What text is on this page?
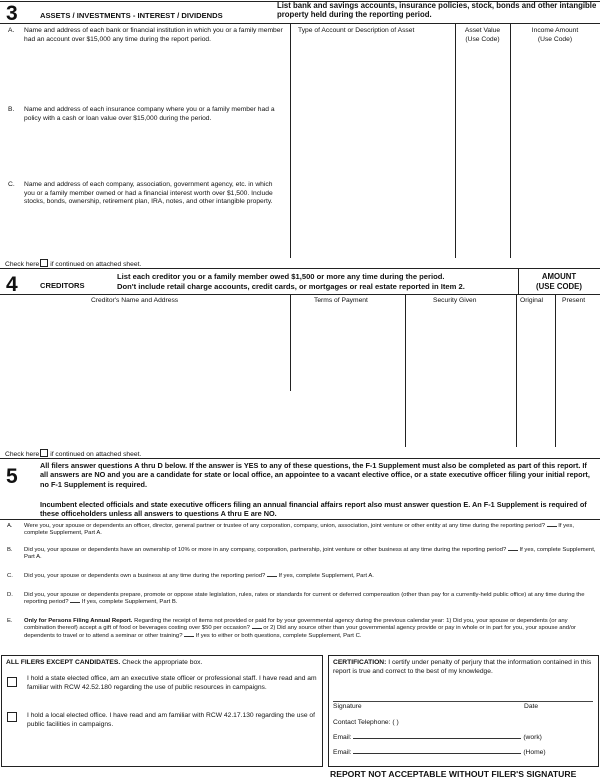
3	ASSETS / INVESTMENTS - INTEREST / DIVIDENDS
List bank and savings accounts, insurance policies, stock, bonds and other intangible property held during the reporting period.
Type of Account or Description of Asset	Asset Value
(Use Code)
Income Amount
(Use Code)
A. Name and address of each bank or financial institution in which you or a family member had an account over $15,000 any time during the report period.
B. Name and address of each insurance company where you or a family member had a policy with a cash or loan value over $15,000 during the period.
C. Name and address of each company, association, government agency, etc. in which you or a family member owned or had a financial interest worth over $1,500. Include stocks, bonds, ownership, retirement plan, IRA, notes, and other intangible property.
Check here if continued on attached sheet.
4	CREDITORS
List each creditor you or a family member owed $1,500 or more any time during the period.
Don't include retail charge accounts, credit cards, or mortgages or real estate reported in Item 2.
AMOUNT
(USE CODE)
Creditor's Name and Address	Terms of Payment	Security Given	Original	Present
Check here if continued on attached sheet.
5	All filers answer questions A thru D below. If the answer is YES to any of these questions, the F-1 Supplement must also be completed as part of this report. If all answers are NO and you are a candidate for state or local office, an appointee to a vacant elective office, or a state executive officer filing your initial report, no F-1 Supplement is required.
Incumbent elected officials and state executive officers filing an annual financial affairs report also must answer question E. An F-1 Supplement is required of these officeholders unless all answers to questions A thru E are NO.
A. Were you, your spouse or dependents an officer, director, general partner or trustee of any corporation, company, union, association, joint venture or other entity at any time during the reporting period? If yes, complete Supplement, Part A.
B. Did you, your spouse or dependents have an ownership of 10% or more in any company, corporation, partnership, joint venture or other business at any time during the reporting period? If yes, complete Supplement, Part A.
C. Did you, your spouse or dependents own a business at any time during the reporting period? If yes, complete Supplement, Part A.
D. Did you, your spouse or dependents prepare, promote or oppose state legislation, rules, rates or standards for current or deferred compensation (other than pay for a currently-held public office) at any time during the reporting period? If yes, complete Supplement, Part B.
E. Only for Persons Filing Annual Report. Regarding the receipt of items not provided or paid for by your governmental agency during the previous calendar year: 1) Did you, your spouse or dependents (or any combination thereof) accept a gift of food or beverages costing over $50 per occasion? or 2) Did any source other than your governmental agency provide or pay in whole or in part for you, your spouse and/or dependents to travel or to attend a seminar or other training? If yes to either or both questions, complete Supplement, Part C.
ALL FILERS EXCEPT CANDIDATES. Check the appropriate box.
I hold a state elected office, am an executive state officer or professional staff. I have read and am familiar with RCW 42.52.180 regarding the use of public resources in campaigns.
I hold a local elected office. I have read and am familiar with RCW 42.17.130 regarding the use of public facilities in campaigns.
CERTIFICATION: I certify under penalty of perjury that the information contained in this report is true and correct to the best of my knowledge.
Signature	Date
Contact Telephone: ( )
Email:	(work)
Email:	(Home)
REPORT NOT ACCEPTABLE WITHOUT FILER'S SIGNATURE
